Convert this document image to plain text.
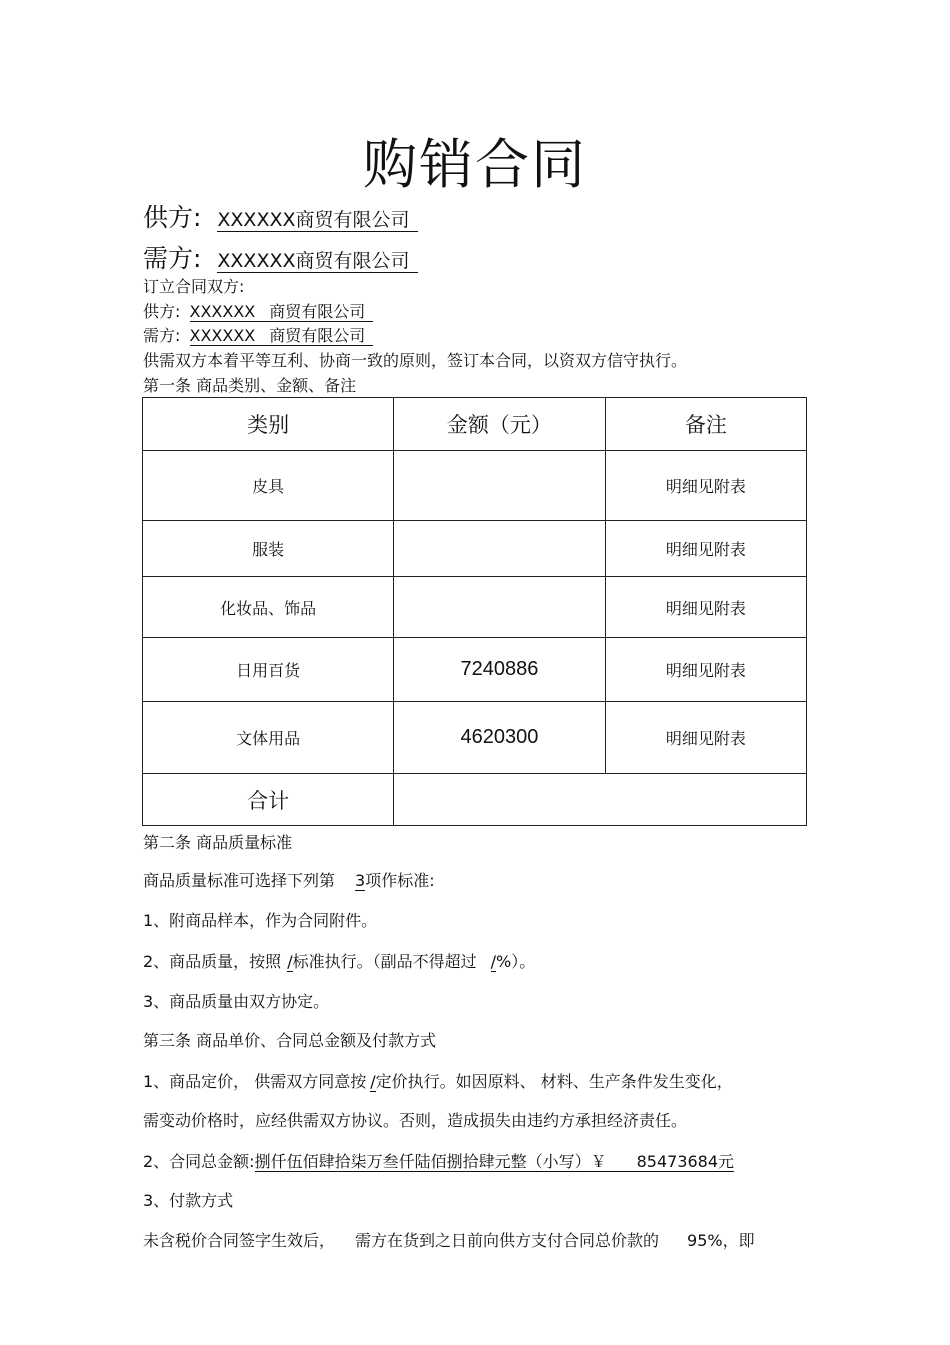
购销合同
供方: XXXXXX商贸有限公司
需方: XXXXXX商贸有限公司
订立合同双方:
供方: XXXXXX 商贸有限公司
需方: XXXXXX 商贸有限公司
供需双方本着平等互利、协商一致的原则，签订本合同，以资双方信守执行。
第一条 商品类别、金额、备注
类别	金额（元）	备注
皮具		明细见附表
服装		明细见附表
化妆品、饰品		明细见附表
日用百货	7240886	明细见附表
文体用品	4620300	明细见附表
合计		
第二条 商品质量标准
商品质量标准可选择下列第 3项作标准:
1、附商品样本，作为合同附件。
2、商品质量，按照 /标准执行。（副品不得超过 /%）。
3、商品质量由双方协定。
第三条 商品单价、合同总金额及付款方式
1、商品定价， 供需双方同意按 /定价执行。如因原料、 材料、生产条件发生变化，
需变动价格时，应经供需双方协议。否则，造成损失由违约方承担经济责任。
2、合同总金额:捌仟伍佰肆拾柒万叁仟陆佰捌拾肆元整（小写）￥ 85473684元
3、付款方式
未含税价合同签字生效后， 需方在货到之日前向供方支付合同总价款的 95%，即
